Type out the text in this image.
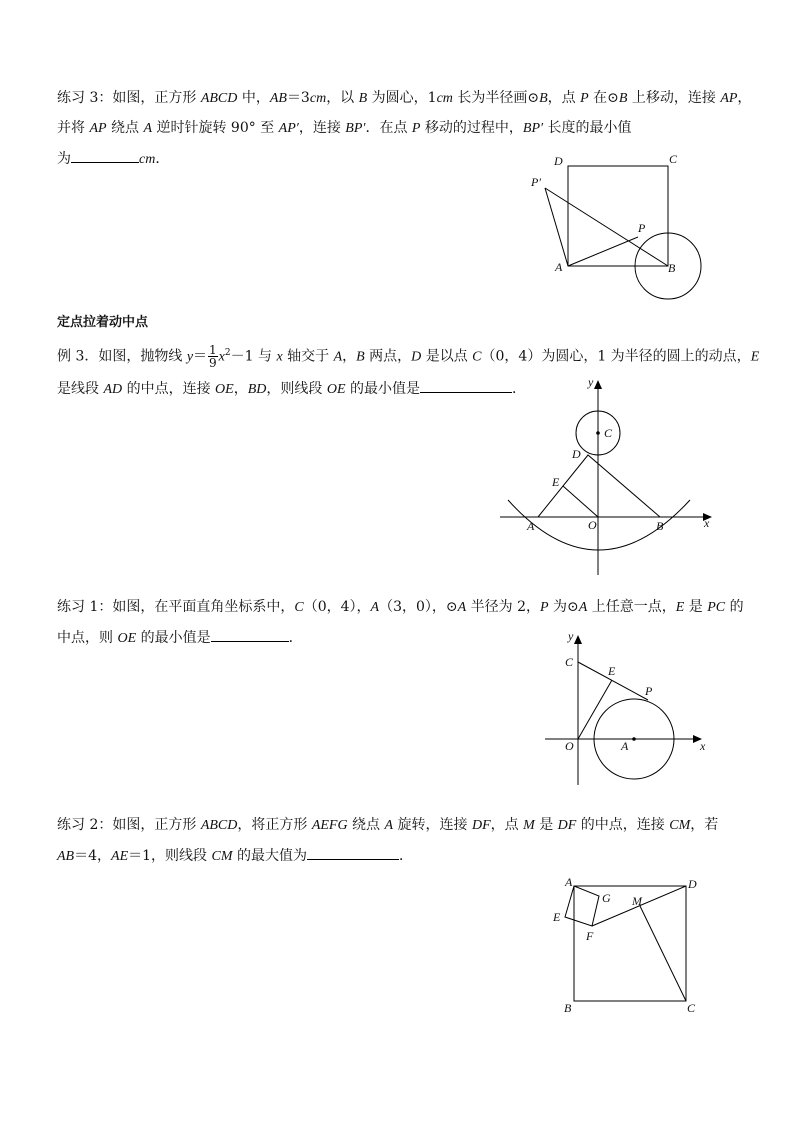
练习 3：如图，正方形 ABCD 中，AB＝3cm，以 B 为圆心，1cm 长为半径画⊙B，点 P 在⊙B 上移动，连接 AP，
并将 AP 绕点 A 逆时针旋转 90° 至 AP′，连接 BP′．在点 P 移动的过程中，BP′ 长度的最小值
为	cm．	D	C
P′
P
A	B
定点拉着动中点
例 3．如图，抛物线 $y= \frac{1}{9} x^2-1$ 与 x 轴交于 A，B 两点，D 是以点 C（0，4）为圆心，1 为半径的圆上的动点，E
是线段 AD 的中点，连接 OE，BD，则线段 OE 的最小值是	．	y
C
D
E
A	O	B	x
练习 1：如图，在平面直角坐标系中，C（0，4），A（3，0），⊙A 半径为 2，P 为⊙A 上任意一点，E 是 PC 的
中点，则 OE 的最小值是	．	y
C
E
P
O	A	x
练习 2：如图，正方形 ABCD，将正方形 AEFG 绕点 A 旋转，连接 DF，点 M 是 DF 的中点，连接 CM，若
AB＝4，AE＝1，则线段 CM 的最大值为	．
A	D
G M
E
F
B	C
